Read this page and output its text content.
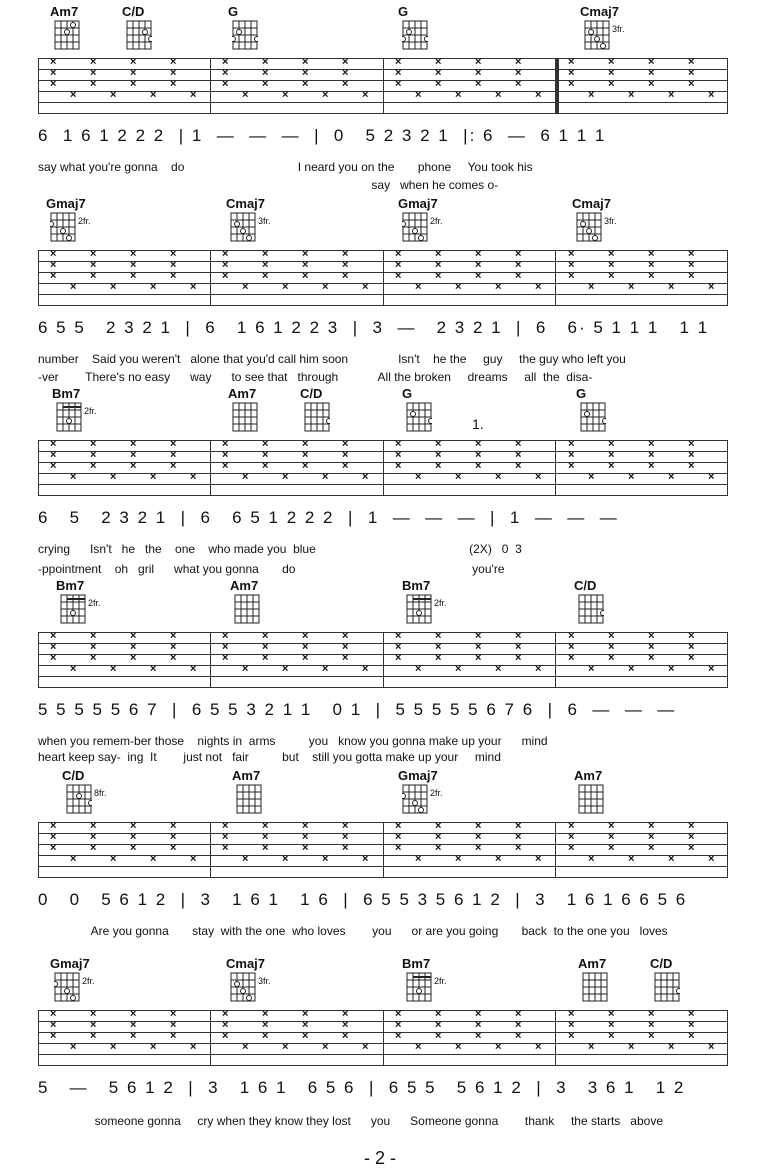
Am7	C/D	G	G	Cmaj7
3fr.
×
×
×
×
×
×
×
×
×
×
×
×
×
×
×
×
×
×
×
×
×
×
×
×
×
×
×
×
×
×
×
×
×
×
×
×
×
×
×
×
×
×
×
×
×
×
×
×
×
×
×
×
×
×
×
×
×
×
×
×
×
×
×
×
6  1 6 1 2 2 2  | 1  —  —  —  |  0   5 2 3 2 1  |: 6  —  6 1 1 1
say what you're gonna    do                                  I neard you on the       phone     You took his
say   when he comes o-
Gmaj7
2fr.
Cmaj7
3fr.
Gmaj7
2fr.
Cmaj7
3fr.
×
×
×
×
×
×
×
×
×
×
×
×
×
×
×
×
×
×
×
×
×
×
×
×
×
×
×
×
×
×
×
×
×
×
×
×
×
×
×
×
×
×
×
×
×
×
×
×
×
×
×
×
×
×
×
×
×
×
×
×
×
×
×
×
6 5 5   2 3 2 1  |  6   1 6 1 2 2 3  |  3  —   2 3 2 1  |  6   6· 5 1 1 1   1 1
number    Said you weren't   alone that you'd call him soon               Isn't    he the     guy     the guy who left you
-ver        There's no easy      way      to see that   through            All the broken     dreams     all  the  disa-
Bm7
2fr.
Am7	C/D	G	G
1.
×
×
×
×
×
×
×
×
×
×
×
×
×
×
×
×
×
×
×
×
×
×
×
×
×
×
×
×
×
×
×
×
×
×
×
×
×
×
×
×
×
×
×
×
×
×
×
×
×
×
×
×
×
×
×
×
×
×
×
×
×
×
×
×
6   5   2 3 2 1  |  6   6 5 1 2 2 2  |  1  —  —  —  |  1  —  —  —
crying      Isn't   he   the    one    who made you  blue                                              (2X)   0  3
-ppointment    oh   gril      what you gonna       do                                                     you're
Bm7
2fr.
Am7	Bm7
2fr.
C/D
×
×
×
×
×
×
×
×
×
×
×
×
×
×
×
×
×
×
×
×
×
×
×
×
×
×
×
×
×
×
×
×
×
×
×
×
×
×
×
×
×
×
×
×
×
×
×
×
×
×
×
×
×
×
×
×
×
×
×
×
×
×
×
×
5 5 5 5 5 6 7  |  6 5 5 3 2 1 1   0 1  |  5 5 5 5 5 6 7 6  |  6  —  —  —
when you remem-ber those    nights in  arms          you   know you gonna make up your      mind
heart keep say-  ing  It        just not   fair          but    still you gotta make up your     mind
C/D
8fr.
Am7	Gmaj7
2fr.
Am7
×
×
×
×
×
×
×
×
×
×
×
×
×
×
×
×
×
×
×
×
×
×
×
×
×
×
×
×
×
×
×
×
×
×
×
×
×
×
×
×
×
×
×
×
×
×
×
×
×
×
×
×
×
×
×
×
×
×
×
×
×
×
×
×
0   0   5 6 1 2  |  3   1 6 1   1 6  |  6 5 5 3 5 6 1 2  |  3   1 6 1 6 6 5 6
Are you gonna       stay  with the one  who loves        you      or are you going       back  to the one you   loves
Gmaj7
2fr.
Cmaj7
3fr.
Bm7
2fr.
Am7	C/D
×
×
×
×
×
×
×
×
×
×
×
×
×
×
×
×
×
×
×
×
×
×
×
×
×
×
×
×
×
×
×
×
×
×
×
×
×
×
×
×
×
×
×
×
×
×
×
×
×
×
×
×
×
×
×
×
×
×
×
×
×
×
×
×
5   —   5 6 1 2  |  3   1 6 1   6 5 6  |  6 5 5   5 6 1 2  |  3   3 6 1   1 2
someone gonna     cry when they know they lost      you      Someone gonna        thank     the starts   above
- 2 -
